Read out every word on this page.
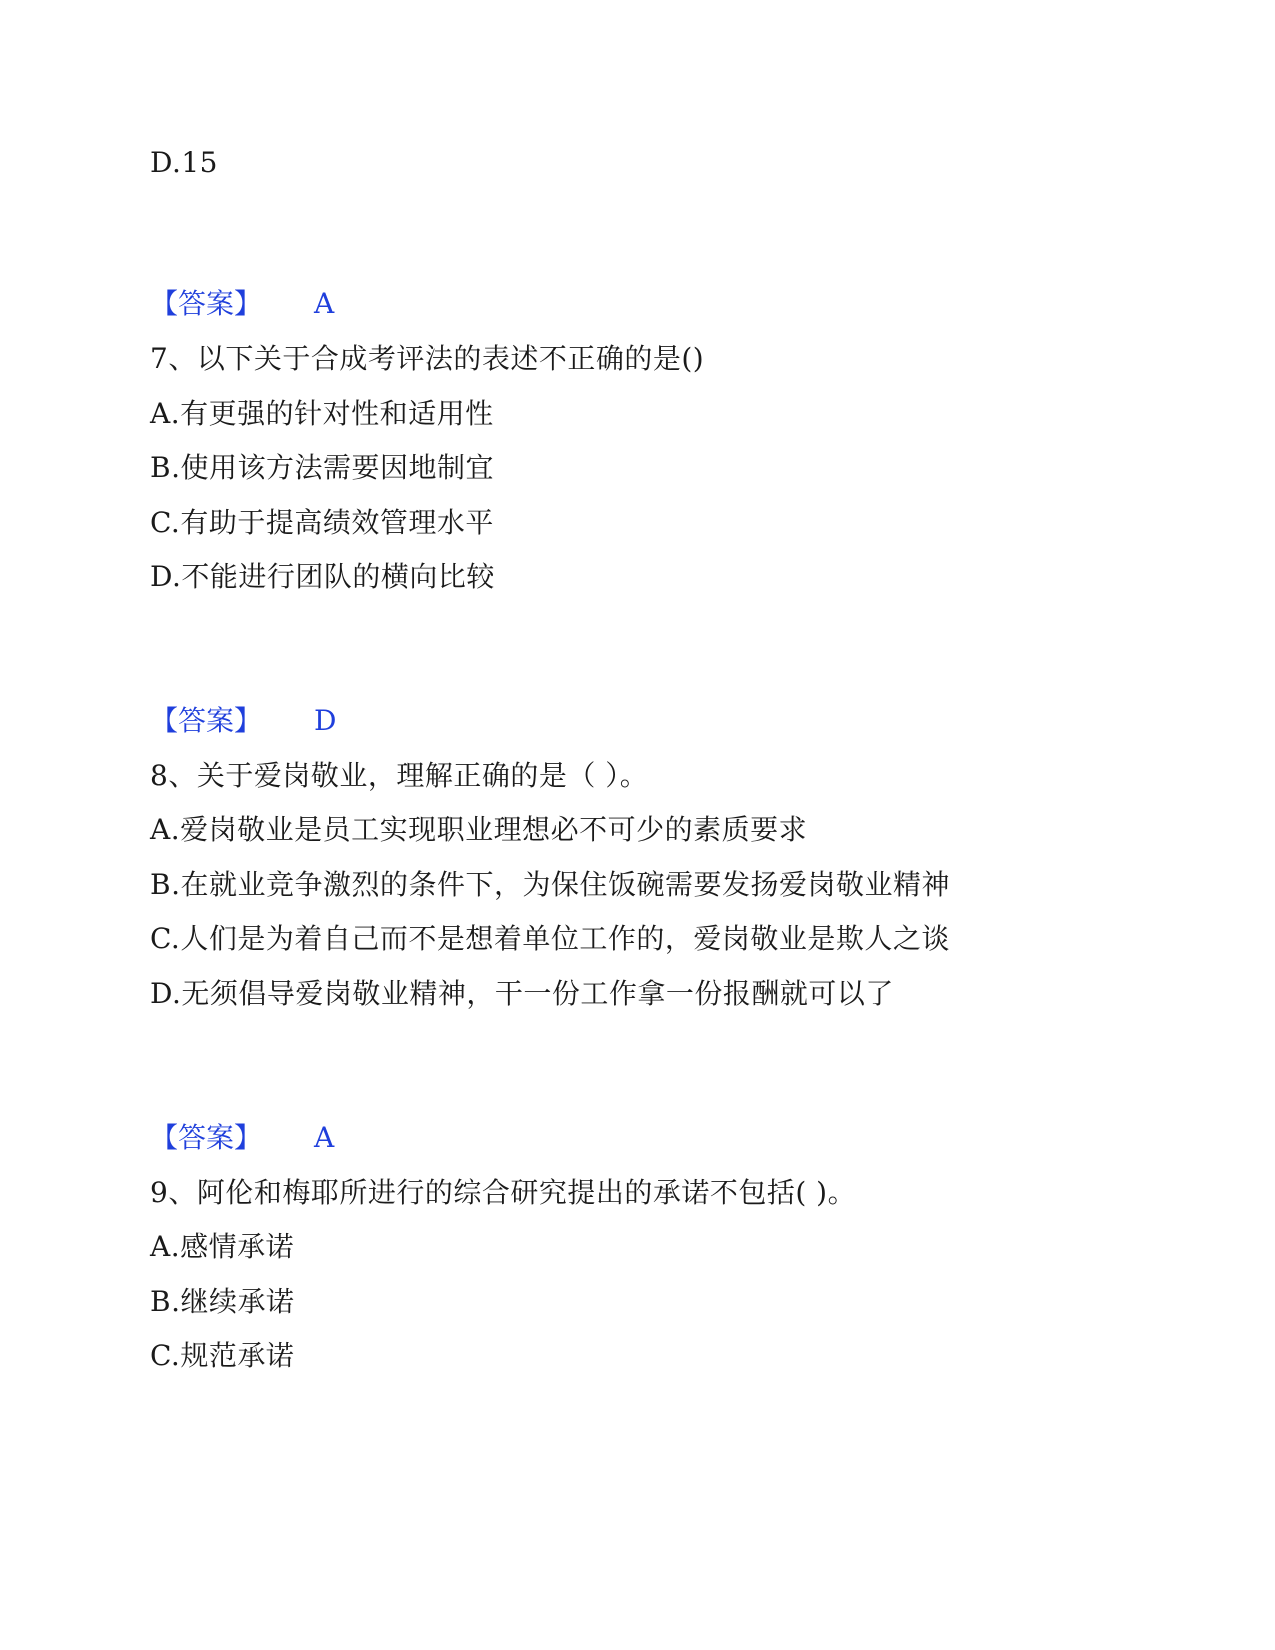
D.15
【答案】 A
7、以下关于合成考评法的表述不正确的是()
A.有更强的针对性和适用性
B.使用该方法需要因地制宜
C.有助于提高绩效管理水平
D.不能进行团队的横向比较
【答案】 D
8、关于爱岗敬业，理解正确的是（ ）。
A.爱岗敬业是员工实现职业理想必不可少的素质要求
B.在就业竞争激烈的条件下，为保住饭碗需要发扬爱岗敬业精神
C.人们是为着自己而不是想着单位工作的，爱岗敬业是欺人之谈
D.无须倡导爱岗敬业精神，干一份工作拿一份报酬就可以了
【答案】 A
9、阿伦和梅耶所进行的综合研究提出的承诺不包括( )。
A.感情承诺
B.继续承诺
C.规范承诺
